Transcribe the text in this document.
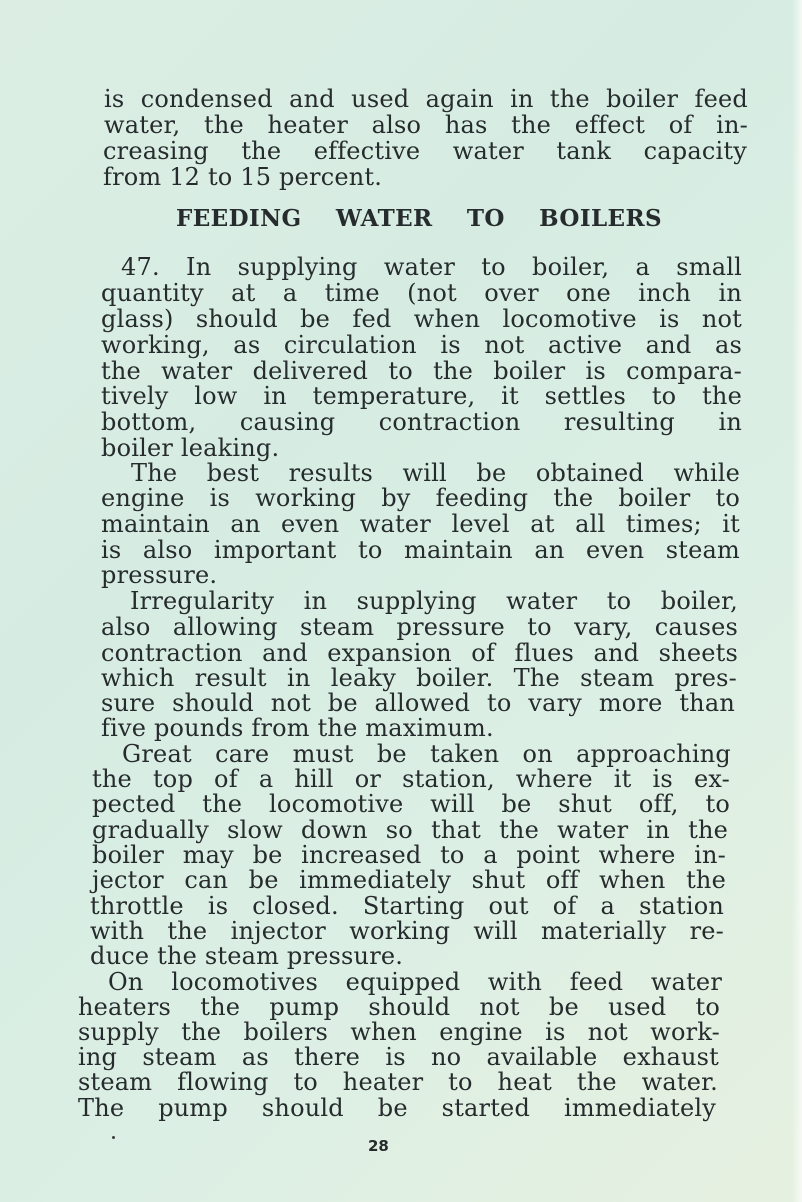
is condensed and used again in the boiler feed
water, the heater also has the effect of in-
creasing the effective water tank capacity
from 12 to 15 percent.
FEEDING WATER TO BOILERS
47. In supplying water to boiler, a small
quantity at a time (not over one inch in
glass) should be fed when locomotive is not
working, as circulation is not active and as
the water delivered to the boiler is compara-
tively low in temperature, it settles to the
bottom, causing contraction resulting in
boiler leaking.
The best results will be obtained while
engine is working by feeding the boiler to
maintain an even water level at all times; it
is also important to maintain an even steam
pressure.
Irregularity in supplying water to boiler,
also allowing steam pressure to vary, causes
contraction and expansion of flues and sheets
which result in leaky boiler. The steam pres-
sure should not be allowed to vary more than
five pounds from the maximum.
Great care must be taken on approaching
the top of a hill or station, where it is ex-
pected the locomotive will be shut off, to
gradually slow down so that the water in the
boiler may be increased to a point where in-
jector can be immediately shut off when the
throttle is closed. Starting out of a station
with the injector working will materially re-
duce the steam pressure.
On locomotives equipped with feed water
heaters the pump should not be used to
supply the boilers when engine is not work-
ing steam as there is no available exhaust
steam flowing to heater to heat the water.
The pump should be started immediately
28
